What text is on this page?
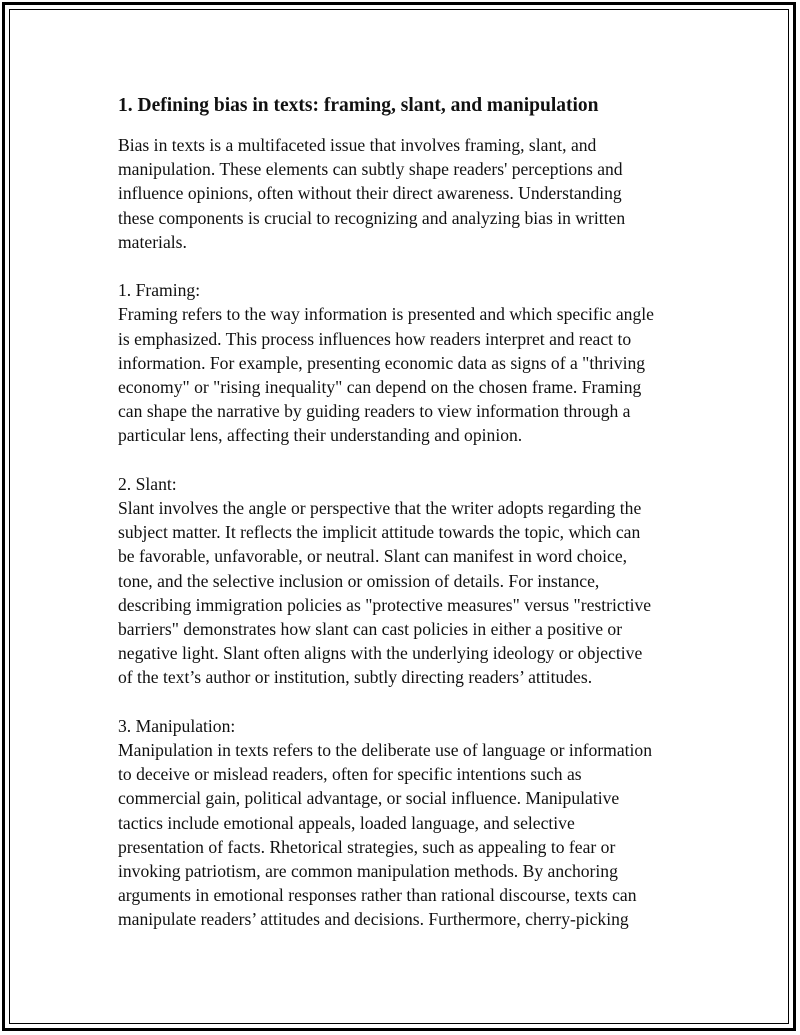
1. Defining bias in texts: framing, slant, and manipulation
Bias in texts is a multifaceted issue that involves framing, slant, and
manipulation. These elements can subtly shape readers' perceptions and
influence opinions, often without their direct awareness. Understanding
these components is crucial to recognizing and analyzing bias in written
materials.
1. Framing:
Framing refers to the way information is presented and which specific angle
is emphasized. This process influences how readers interpret and react to
information. For example, presenting economic data as signs of a "thriving
economy" or "rising inequality" can depend on the chosen frame. Framing
can shape the narrative by guiding readers to view information through a
particular lens, affecting their understanding and opinion.
2. Slant:
Slant involves the angle or perspective that the writer adopts regarding the
subject matter. It reflects the implicit attitude towards the topic, which can
be favorable, unfavorable, or neutral. Slant can manifest in word choice,
tone, and the selective inclusion or omission of details. For instance,
describing immigration policies as "protective measures" versus "restrictive
barriers" demonstrates how slant can cast policies in either a positive or
negative light. Slant often aligns with the underlying ideology or objective
of the text’s author or institution, subtly directing readers’ attitudes.
3. Manipulation:
Manipulation in texts refers to the deliberate use of language or information
to deceive or mislead readers, often for specific intentions such as
commercial gain, political advantage, or social influence. Manipulative
tactics include emotional appeals, loaded language, and selective
presentation of facts. Rhetorical strategies, such as appealing to fear or
invoking patriotism, are common manipulation methods. By anchoring
arguments in emotional responses rather than rational discourse, texts can
manipulate readers’ attitudes and decisions. Furthermore, cherry-picking
